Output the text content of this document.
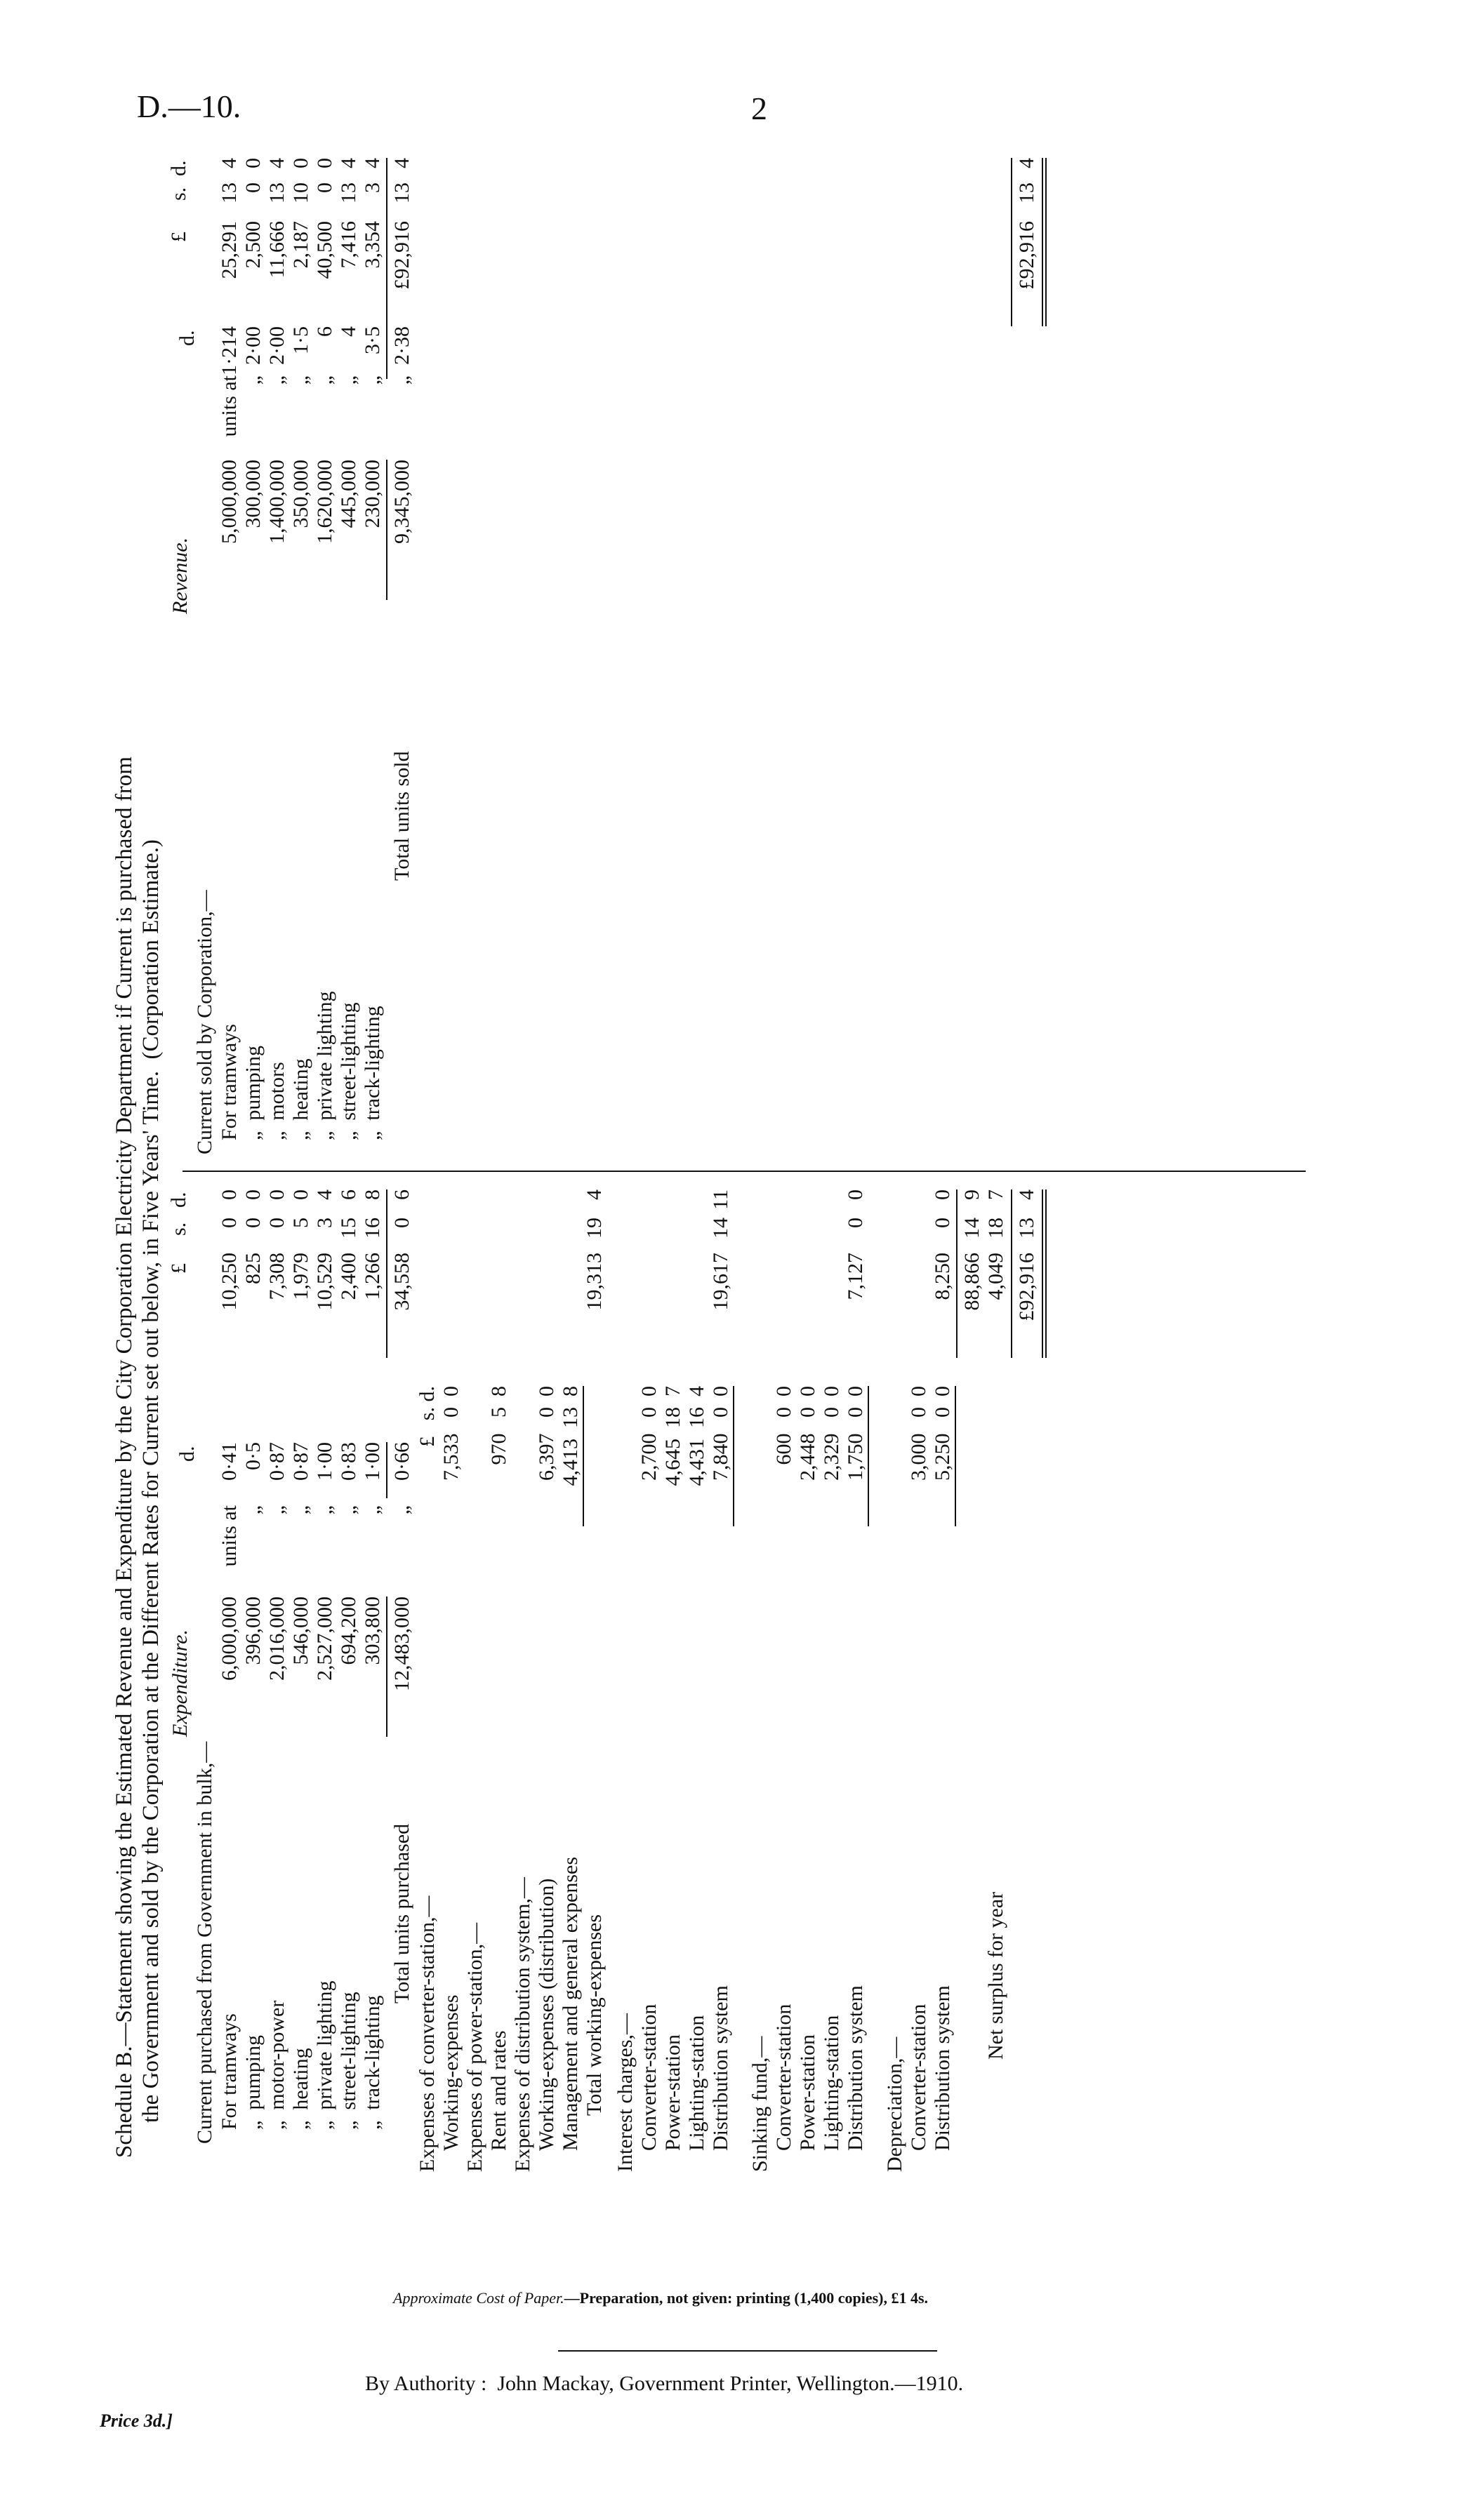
D.—10.	2
Schedule B.—Statement showing the Estimated Revenue and Expenditure by the City Corporation Electricity Department if Current is purchased from the Government and sold by the Corporation at the Different Rates for Current set out below, in Five Years' Time.  (Corporation Estimate.) Expenditure.
Current purchased from Government in bulk,—
d.
£
s.
d.
For tramways
6,000,000
units at
0·41
10,250
0
0
„  pumping
396,000
„
0·5
825
0
0
„  motor-power
2,016,000
„
0·87
7,308
0
0
„  heating
546,000
„
0·87
1,979
5
0
„  private lighting
2,527,000
„
1·00
10,529
3
4
„  street-lighting
694,200
„
0·83
2,400
15
6
„  track-lighting
303,800
„
1·00
1,266
16
8
Total units purchased
12,483,000
„
0·66
34,558
0
6
Expenses of converter-station,—
£   s. d.
Working-expenses
7,533   0  0
Expenses of power-station,— Rent and rates
970   5  8
Expenses of distribution system,— Working-expenses (distribution)
6,397   0  0
Management and general expenses
4,413  13  8
Total working-expenses
19,313
19
4
Interest charges,— Converter-station
2,700   0  0
Power-station
4,645  18  7
Lighting-station
4,431  16  4
Distribution system
7,840   0  0
19,617
14
11
Sinking fund,— Converter-station
600   0  0
Power-station
2,448   0  0
Lighting-station
2,329   0  0
Distribution system
1,750   0  0
7,127
0
0
Depreciation,— Converter-station
3,000   0  0
Distribution system
5,250   0  0
8,250
0
0
88,866
14
9
Net surplus for year
4,049
18
7
£92,916
13
4
Revenue.
Current sold by Corporation,—
d.
£
s.
d.
For tramways
5,000,000
units at
1·214
25,291
13
4
„  pumping
300,000
„
2·00
2,500
0
0
„  motors
1,400,000
„
2·00
11,666
13
4
„  heating
350,000
„
1·5
2,187
10
0
„  private lighting
1,620,000
„
6
40,500
0
0
„  street-lighting
445,000
„
4
7,416
13
4
„  track-lighting
230,000
„
3·5
3,354
3
4
Total units sold
9,345,000
„
2·38
£92,916
13
4
£92,916
13
4
Approximate Cost of Paper.—Preparation, not given: printing (1,400 copies), £1 4s.
By Authority :  John Mackay, Government Printer, Wellington.—1910.
Price 3d.]
